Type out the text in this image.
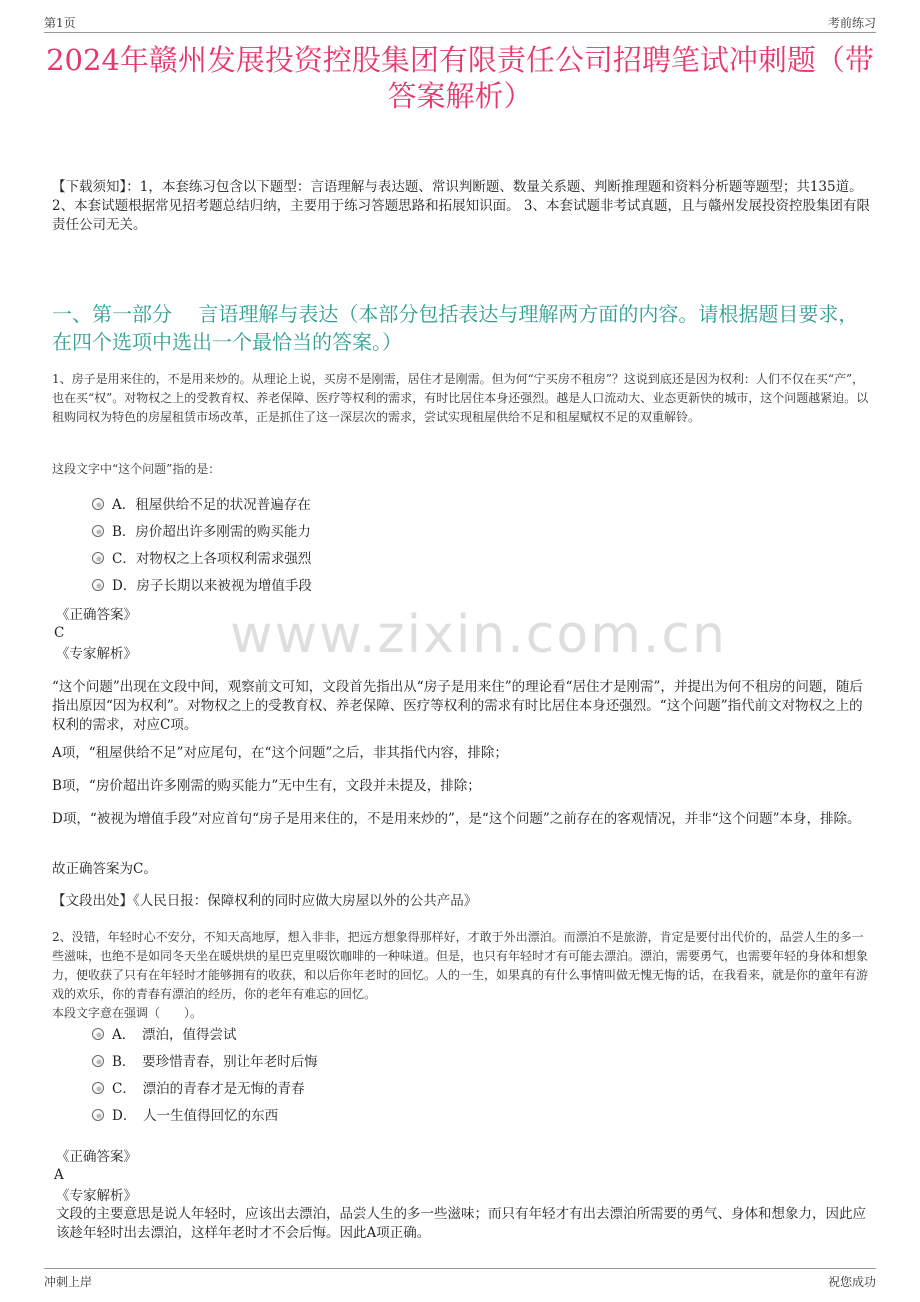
第1页	考前练习
2024年赣州发展投资控股集团有限责任公司招聘笔试冲刺题（带答案解析）
【下载须知】：1，本套练习包含以下题型：言语理解与表达题、常识判断题、数量关系题、判断推理题和资料分析题等题型；共135道。 2、本套试题根据常见招考题总结归纳，主要用于练习答题思路和拓展知识面。 3、本套试题非考试真题，且与赣州发展投资控股集团有限责任公司无关。
一、第一部分　 言语理解与表达（本部分包括表达与理解两方面的内容。请根据题目要求，在四个选项中选出一个最恰当的答案。）
www.zixin.com.cn
1、房子是用来住的，不是用来炒的。从理论上说，买房不是刚需，居住才是刚需。但为何“宁买房不租房”？这说到底还是因为权利：人们不仅在买“产”，也在买“权”。对物权之上的受教育权、养老保障、医疗等权利的需求，有时比居住本身还强烈。越是人口流动大、业态更新快的城市，这个问题越紧迫。以租购同权为特色的房屋租赁市场改革，正是抓住了这一深层次的需求，尝试实现租屋供给不足和租屋赋权不足的双重解铃。
这段文字中“这个问题”指的是：
A．租屋供给不足的状况普遍存在
B．房价超出许多刚需的购买能力
C．对物权之上各项权利需求强烈
D．房子长期以来被视为增值手段
《正确答案》
C
《专家解析》
“这个问题”出现在文段中间，观察前文可知，文段首先指出从“房子是用来住”的理论看“居住才是刚需”，并提出为何不租房的问题，随后指出原因“因为权利”。对物权之上的受教育权、养老保障、医疗等权利的需求有时比居住本身还强烈。“这个问题”指代前文对物权之上的权利的需求，对应C项。
A项，“租屋供给不足”对应尾句，在“这个问题”之后，非其指代内容，排除；
B项，“房价超出许多刚需的购买能力”无中生有，文段并未提及，排除；
D项，“被视为增值手段”对应首句“房子是用来住的，不是用来炒的”，是“这个问题”之前存在的客观情况，并非“这个问题”本身，排除。
故正确答案为C。
【文段出处】《人民日报：保障权利的同时应做大房屋以外的公共产品》
2、没错，年轻时心不安分，不知天高地厚，想入非非，把远方想象得那样好，才敢于外出漂泊。而漂泊不是旅游，肯定是要付出代价的，品尝人生的多一些滋味，也绝不是如同冬天坐在暖烘烘的星巴克里啜饮咖啡的一种味道。但是，也只有年轻时才有可能去漂泊。漂泊，需要勇气，也需要年轻的身体和想象力，便收获了只有在年轻时才能够拥有的收获，和以后你年老时的回忆。人的一生，如果真的有什么事情叫做无愧无悔的话，在我看来，就是你的童年有游戏的欢乐，你的青春有漂泊的经历，你的老年有难忘的回忆。
本段文字意在强调（　　）。
A．　漂泊，值得尝试
B．　要珍惜青春，别让年老时后悔
C．　漂泊的青春才是无悔的青春
D．　人一生值得回忆的东西
《正确答案》
A
《专家解析》
文段的主要意思是说人年轻时，应该出去漂泊，品尝人生的多一些滋味；而只有年轻才有出去漂泊所需要的勇气、身体和想象力，因此应该趁年轻时出去漂泊，这样年老时才不会后悔。因此A项正确。
冲刺上岸	祝您成功
